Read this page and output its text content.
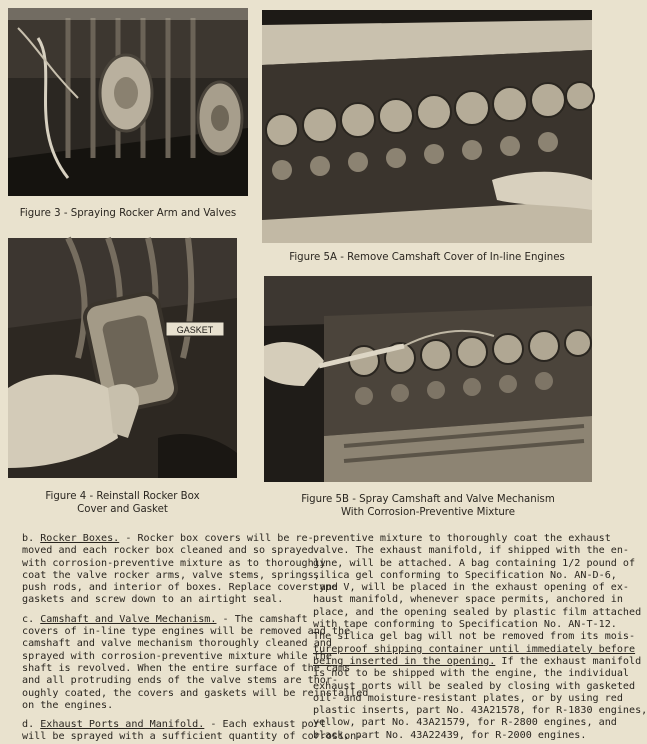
Figure 3 - Spraying Rocker Arm and Valves
Figure 5A - Remove Camshaft Cover of In-line Engines
GASKET
Figure 4 - Reinstall Rocker Box
Cover and Gasket
Figure 5B - Spray Camshaft and Valve Mechanism
With Corrosion-Preventive Mixture
b. Rocker Boxes. - Rocker box covers will be re-
moved and each rocker box cleaned and so sprayed
with corrosion-preventive mixture as to thoroughly
coat the valve rocker arms, valve stems, springs,
push rods, and interior of boxes. Replace covers and
gaskets and screw down to an airtight seal.
c. Camshaft and Valve Mechanism. - The camshaft
covers of in-line type engines will be removed and the
camshaft and valve mechanism thoroughly cleaned and
sprayed with corrosion-preventive mixture while the
shaft is revolved. When the entire surface of the cams
and all protruding ends of the valve stems are thor-
oughly coated, the covers and gaskets will be reinstalled
on the engines.
d. Exhaust Ports and Manifold. - Each exhaust port
will be sprayed with a sufficient quantity of corrosion-
preventive mixture to thoroughly coat the exhaust
valve. The exhaust manifold, if shipped with the en-
gine, will be attached. A bag containing 1/2 pound of
silica gel conforming to Specification No. AN-D-6,
type V, will be placed in the exhaust opening of ex-
haust manifold, whenever space permits, anchored in
place, and the opening sealed by plastic film attached
with tape conforming to Specification No. AN-T-12.
The silica gel bag will not be removed from its mois-
tureproof shipping container until immediately before
being inserted in the opening. If the exhaust manifold
is not to be shipped with the engine, the individual
exhaust ports will be sealed by closing with gasketed
oil- and moisture-resistant plates, or by using red
plastic inserts, part No. 43A21578, for R-1830 engines,
yellow, part No. 43A21579, for R-2800 engines, and
black, part No. 43A22439, for R-2000 engines.
